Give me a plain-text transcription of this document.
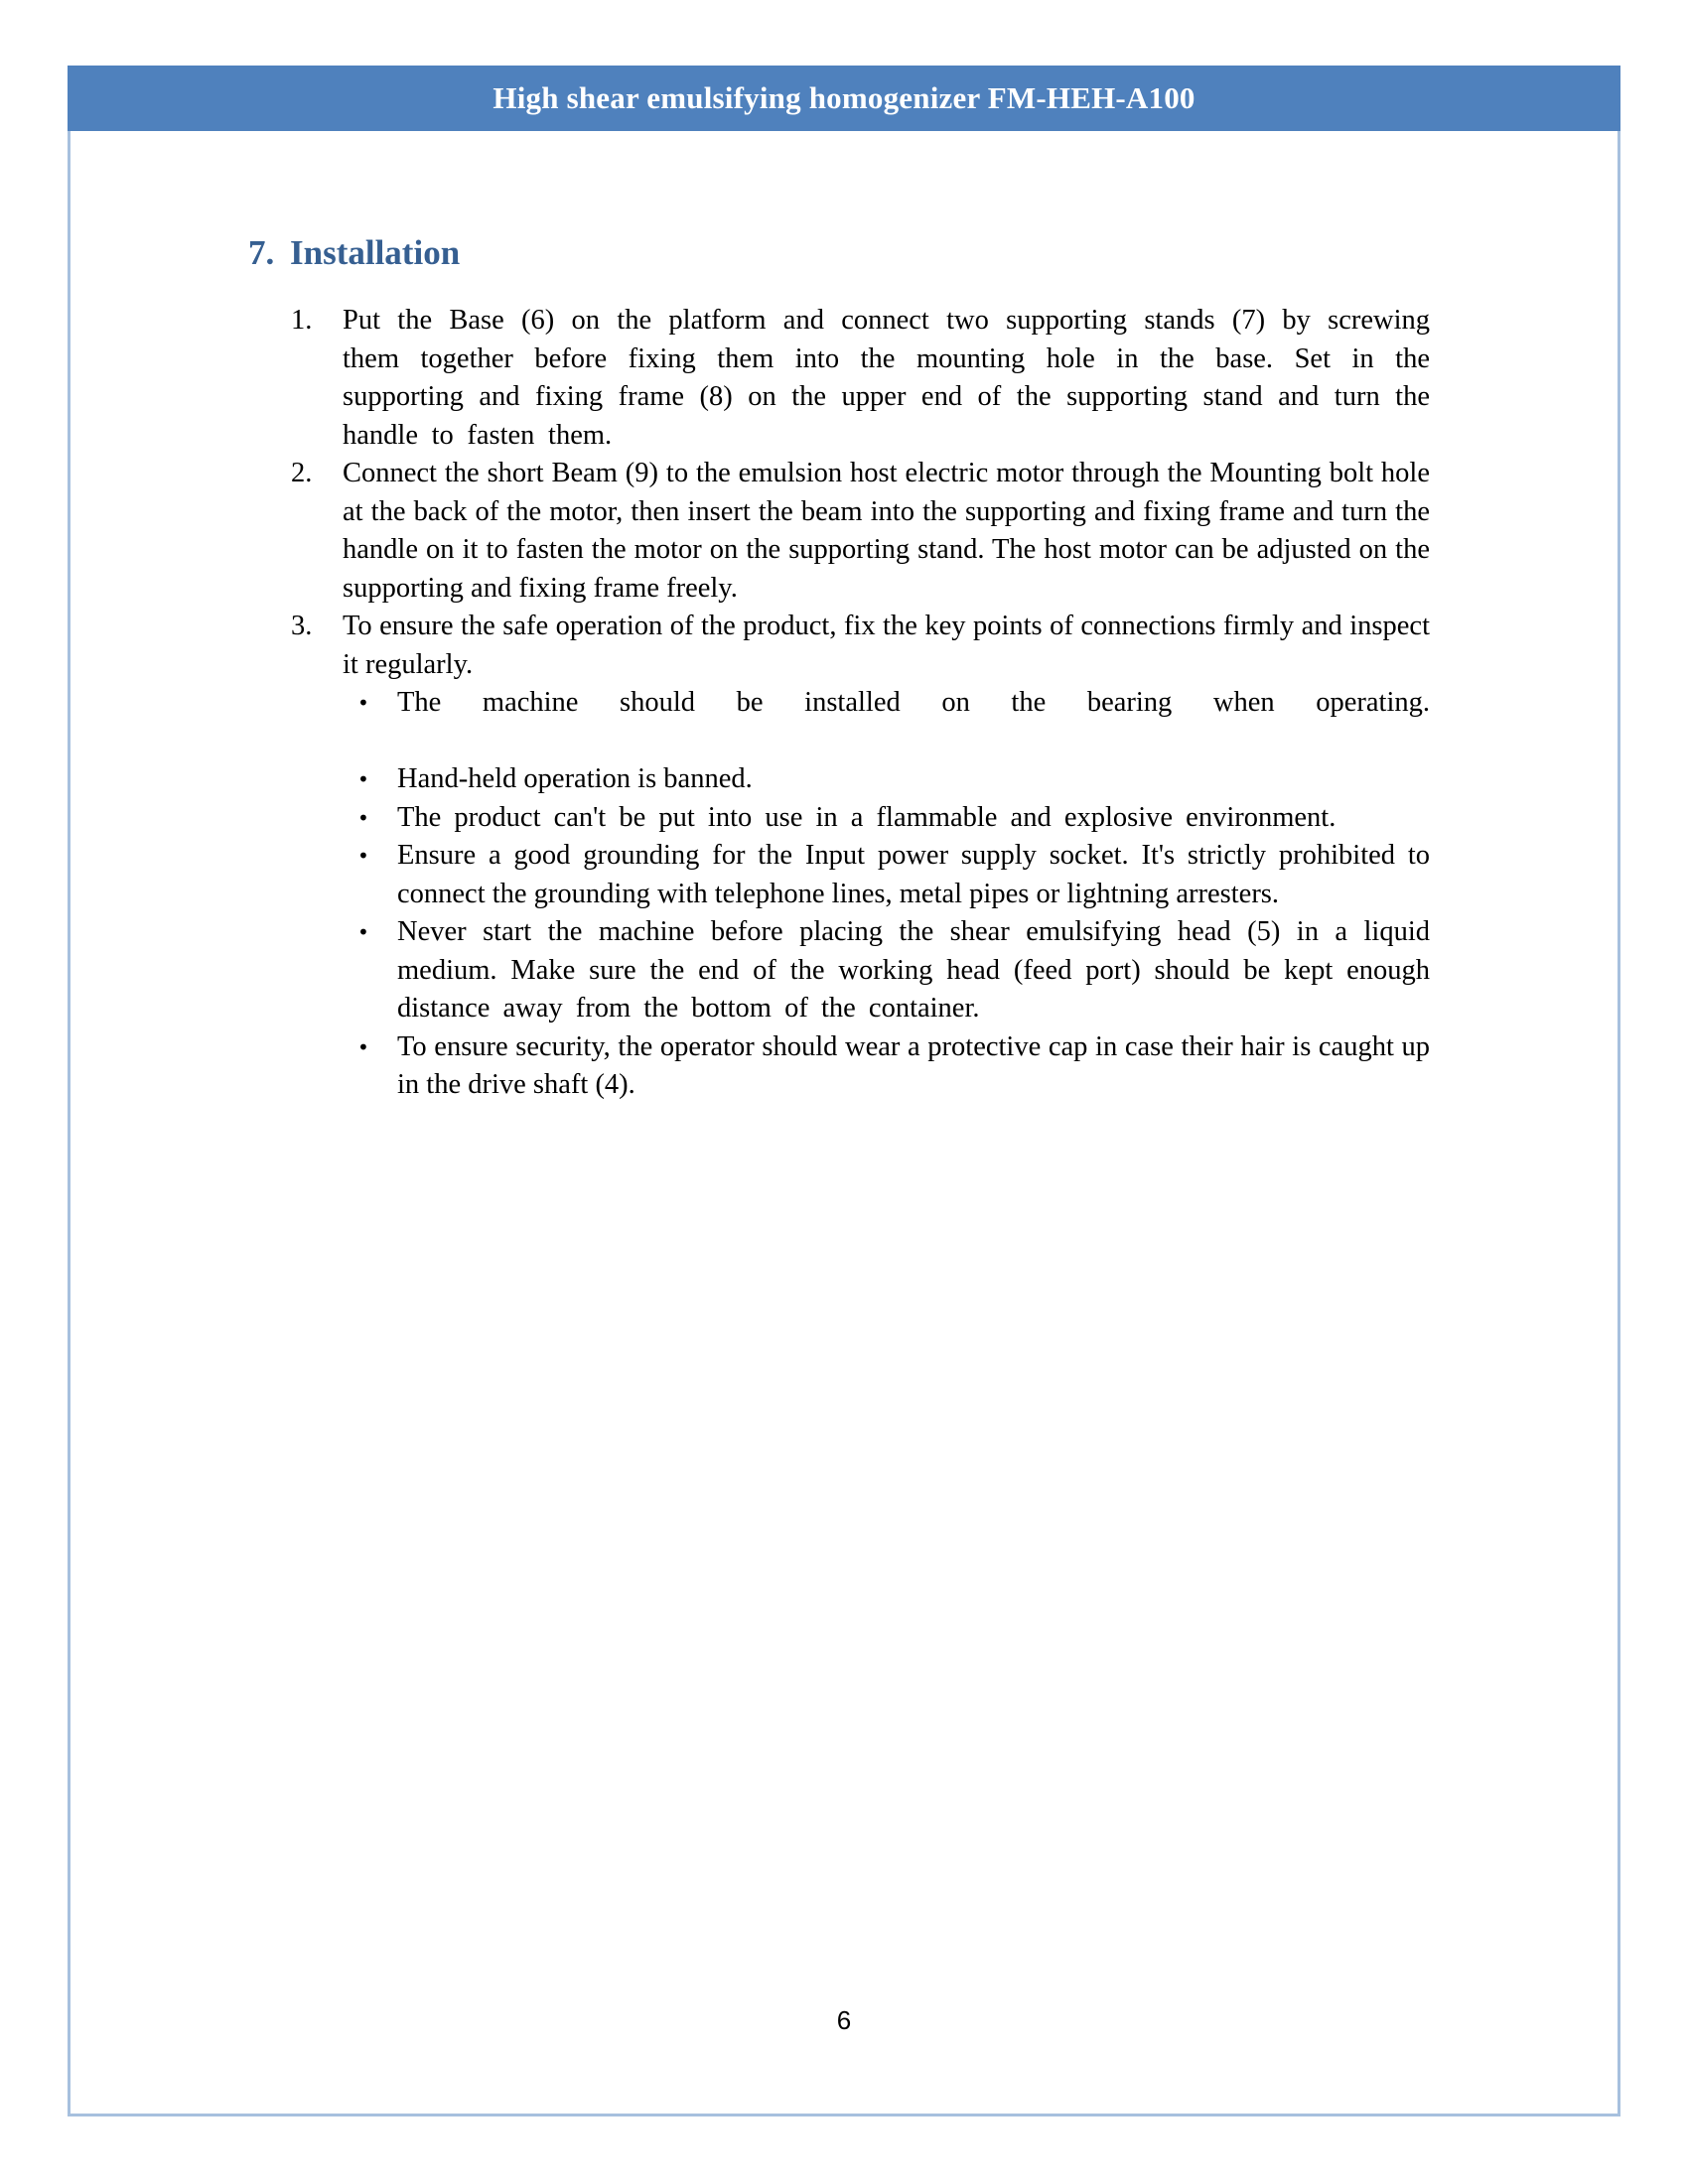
High shear emulsifying homogenizer FM-HEH-A100
7. Installation
1.	Put the Base (6) on the platform and connect two supporting stands (7) by screwing them together before fixing them into the mounting hole in the base. Set in the supporting and fixing frame (8) on the upper end of the supporting stand and turn the handle to fasten them.
2.	Connect the short Beam (9) to the emulsion host electric motor through the Mounting bolt hole at the back of the motor, then insert the beam into the supporting and fixing frame and turn the handle on it to fasten the motor on the supporting stand. The host motor can be adjusted on the supporting and fixing frame freely.
3.	To ensure the safe operation of the product, fix the key points of connections firmly and inspect it regularly.
• The machine should be installed on the bearing when operating.
• Hand-held operation is banned.
• The product can't be put into use in a flammable and explosive environment.
• Ensure a good grounding for the Input power supply socket. It's strictly prohibited to connect the grounding with telephone lines, metal pipes or lightning arresters.
• Never start the machine before placing the shear emulsifying head (5) in a liquid medium. Make sure the end of the working head (feed port) should be kept enough distance away from the bottom of the container.
• To ensure security, the operator should wear a protective cap in case their hair is caught up in the drive shaft (4).
6
